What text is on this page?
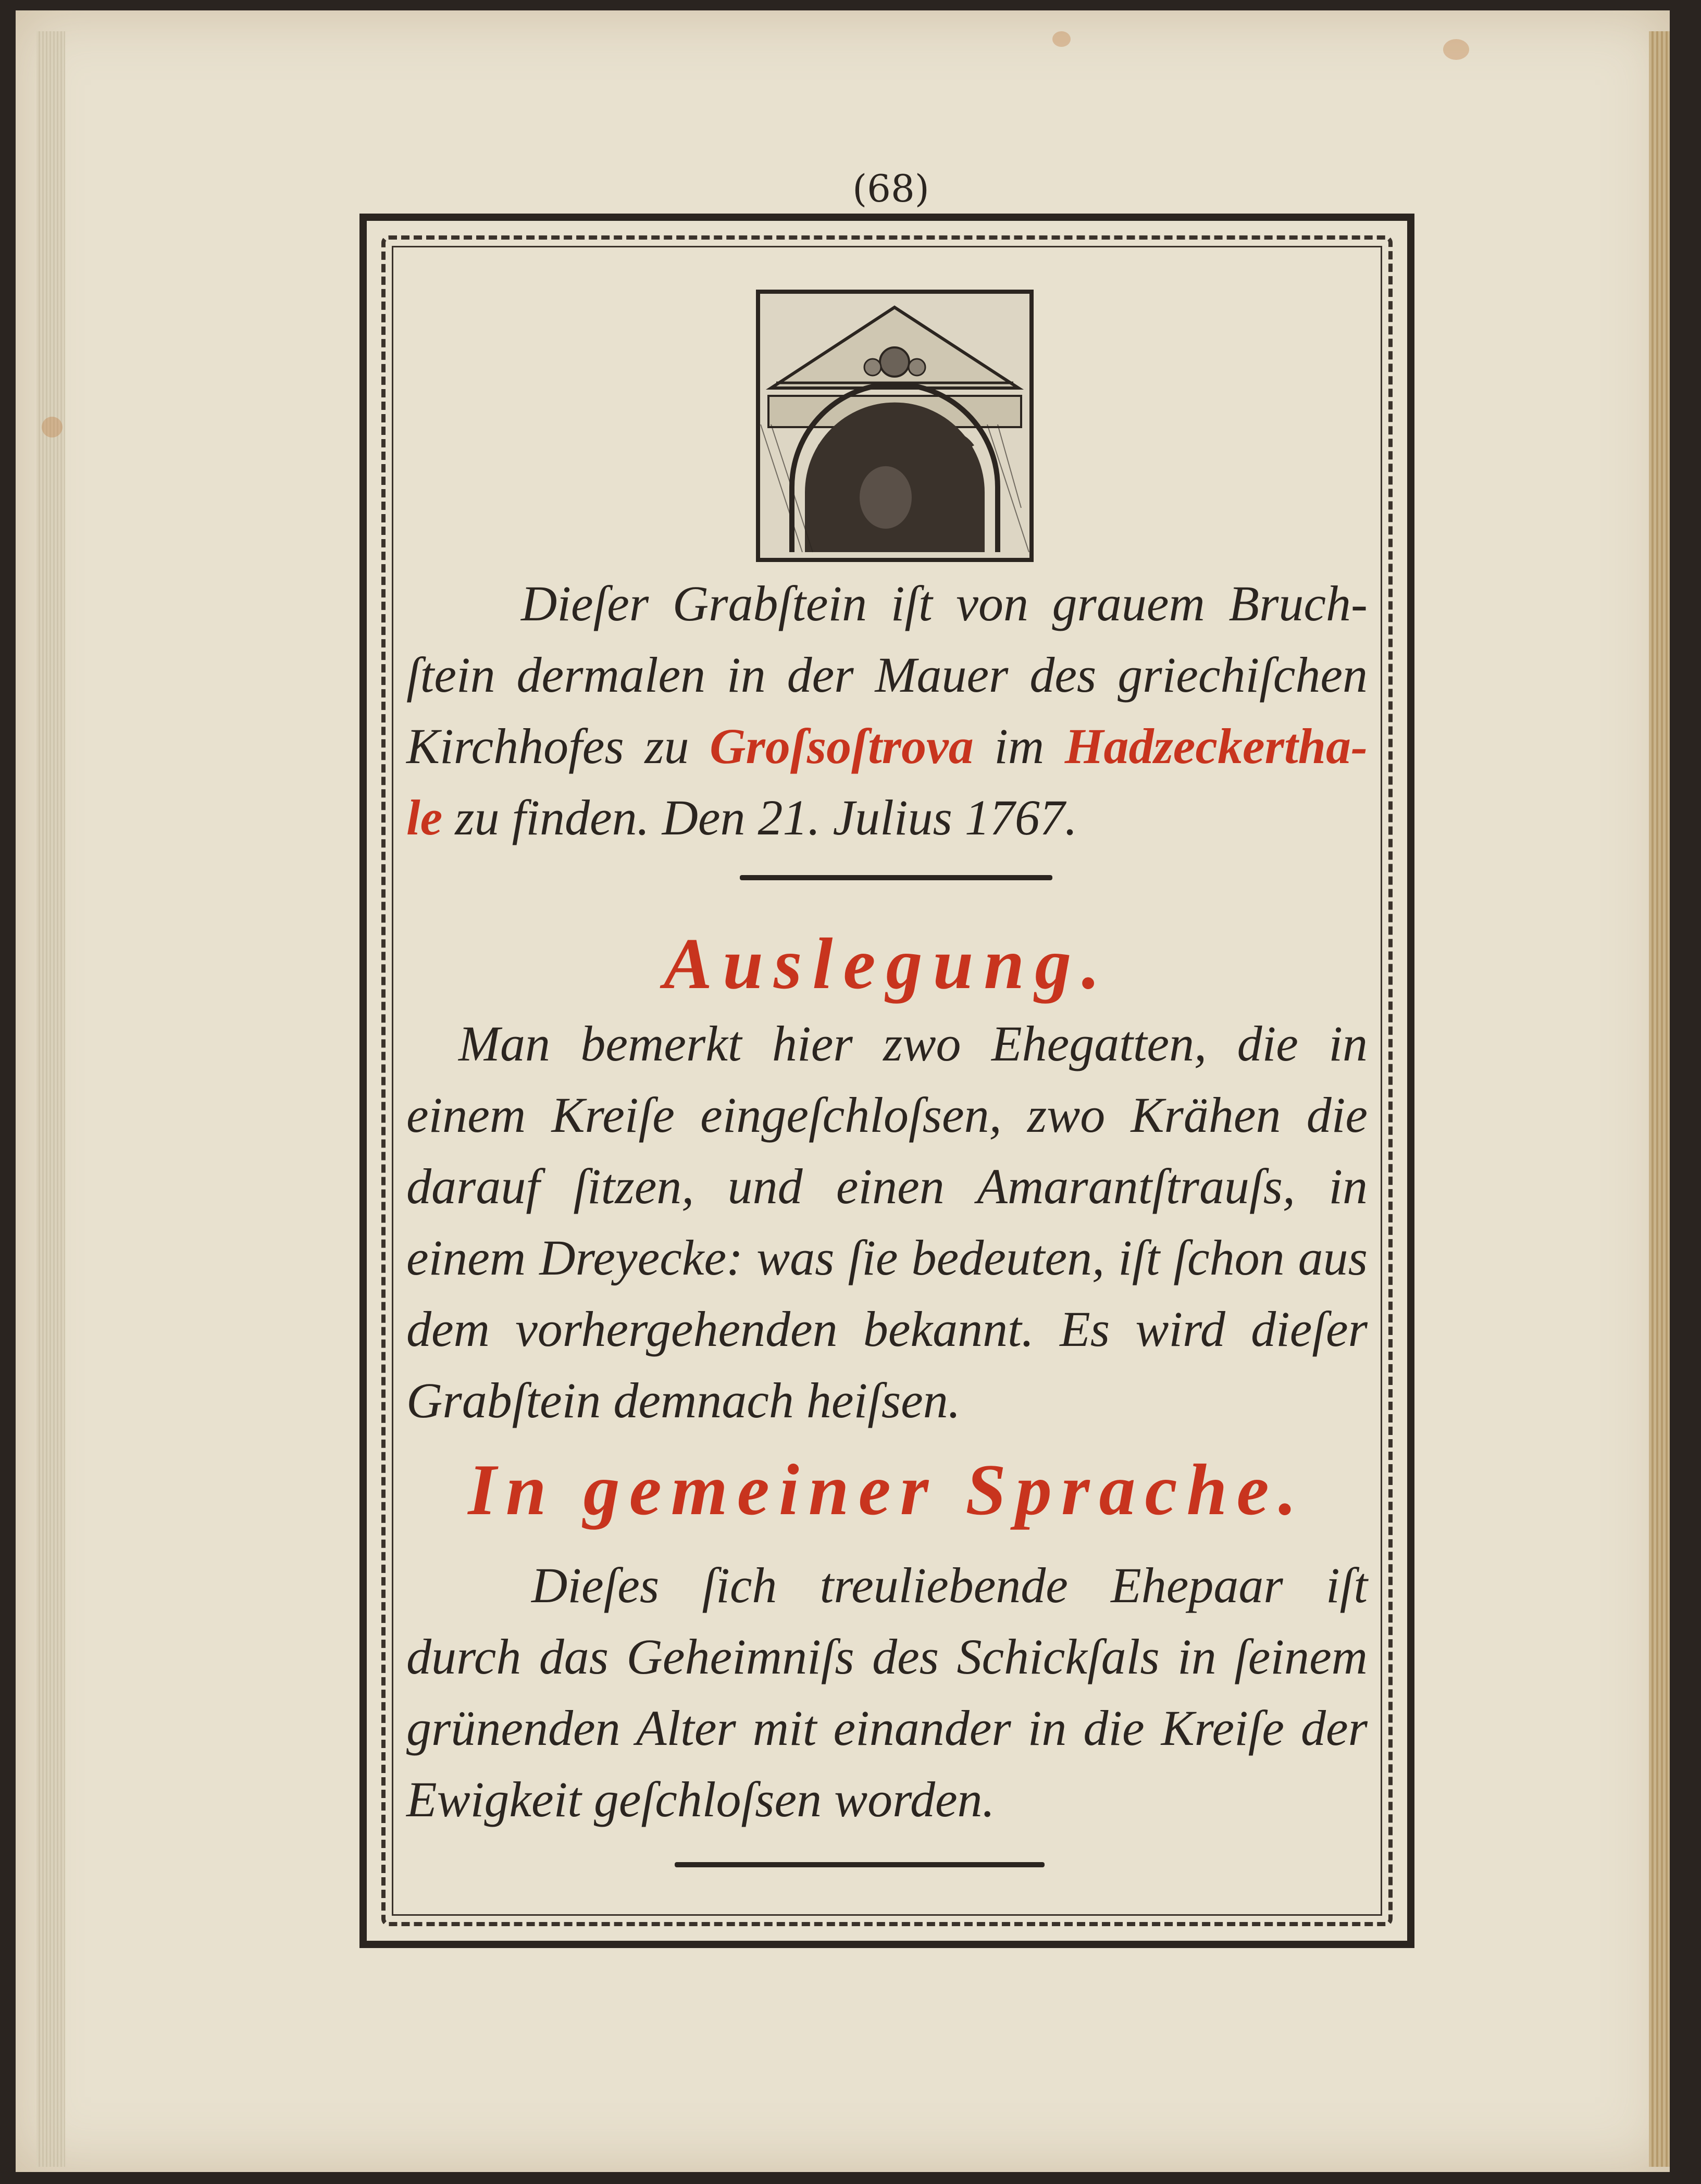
(68)
Dieſer Grabſtein iſt von grauem Bruch- ſtein dermalen in der Mauer des griechiſchen Kirchhofes zu Groſsoſtrova im Hadzeckertha- le zu finden. Den 21. Julius 1767.
Auslegung.
Man bemerkt hier zwo Ehegatten, die in einem Kreiſe eingeſchloſsen, zwo Krähen die darauf ſitzen, und einen Amarantſtrauſs, in einem Dreyecke: was ſie bedeuten, iſt ſchon aus dem vorhergehenden bekannt. Es wird dieſer Grabſtein demnach heiſsen.
In gemeiner Sprache.
Dieſes ſich treuliebende Ehepaar iſt durch das Geheimniſs des Schickſals in ſeinem grünenden Alter mit einander in die Kreiſe der Ewigkeit geſchloſsen worden.
